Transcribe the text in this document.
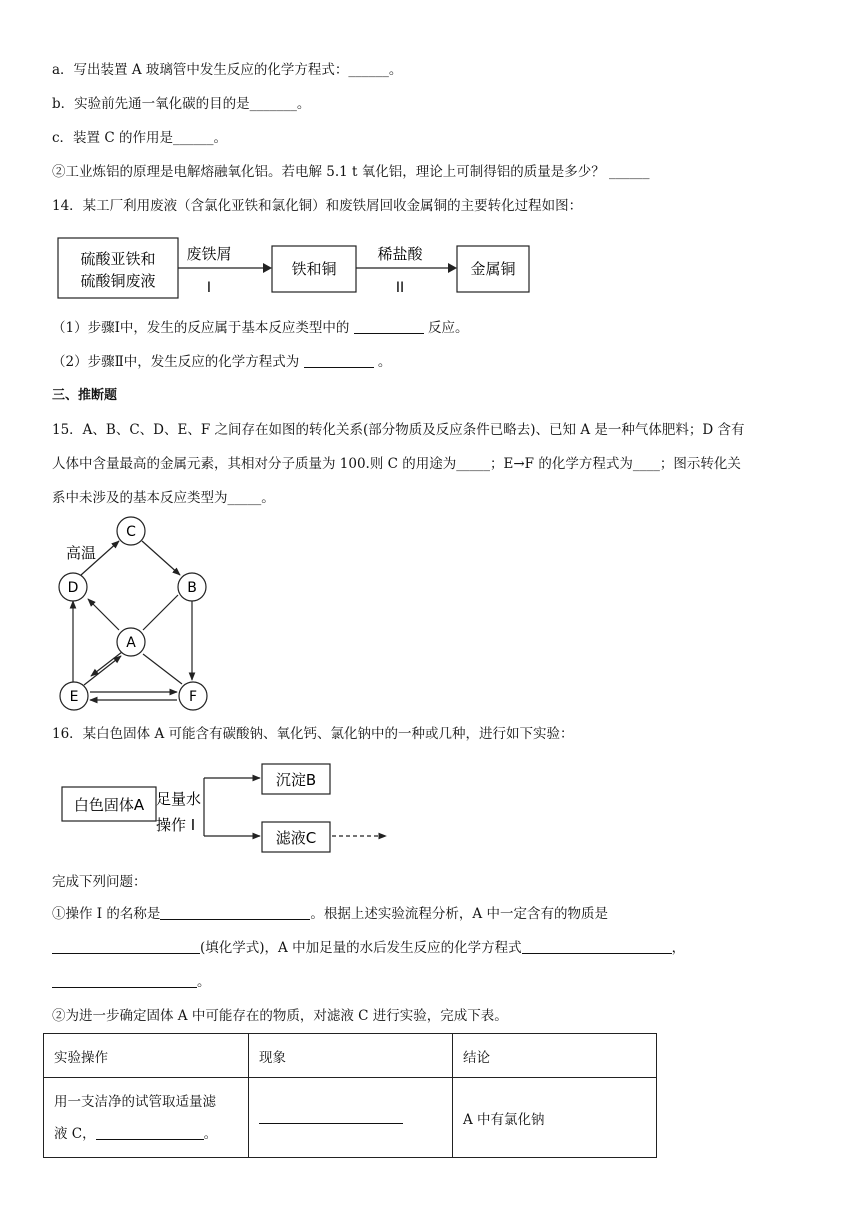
a．写出装置 A 玻璃管中发生反应的化学方程式：______。
b．实验前先通一氧化碳的目的是_______。
c．装置 C 的作用是______。
②工业炼铝的原理是电解熔融氧化铝。若电解 5.1 t 氧化铝，理论上可制得铝的质量是多少？ ______
14．某工厂利用废液（含氯化亚铁和氯化铜）和废铁屑回收金属铜的主要转化过程如图：
硫酸亚铁和
硫酸铜废液
废铁屑
I
铁和铜
稀盐酸
II
金属铜
（1）步骤Ⅰ中，发生的反应属于基本反应类型中的	反应。
（2）步骤Ⅱ中，发生反应的化学方程式为	。
三、推断题
15．A、B、C、D、E、F 之间存在如图的转化关系(部分物质及反应条件已略去)、已知 A 是一种气体肥料；D 含有
人体中含量最高的金属元素，其相对分子质量为 100.则 C 的用途为_____；E→F 的化学方程式为____；图示转化关
系中未涉及的基本反应类型为_____。
高温
C
D	B
A
E	F
16．某白色固体 A 可能含有碳酸钠、氧化钙、氯化钠中的一种或几种，进行如下实验：
白色固体A 足量水
操作 I
沉淀B
滤液C
完成下列问题：
①操作 I 的名称是	。根据上述实验流程分析，A 中一定含有的物质是
(填化学式)，A 中加足量的水后发生反应的化学方程式	，
。
②为进一步确定固体 A 中可能存在的物质，对滤液 C 进行实验，完成下表。
实验操作	现象	结论

用一支洁净的试管取适量滤
液 C， 。		A 中有氯化钠
